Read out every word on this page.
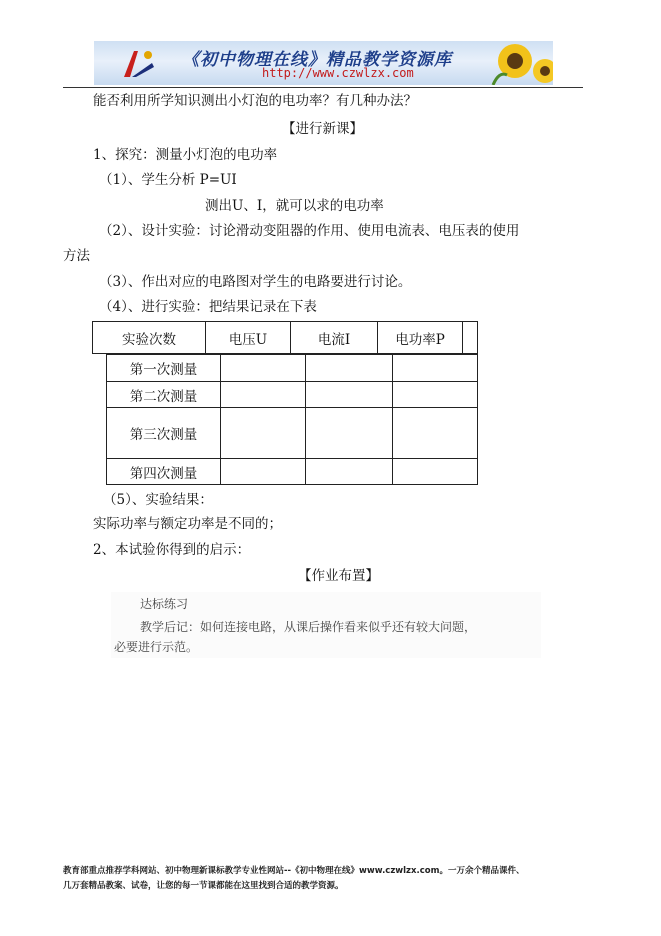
《初中物理在线》精品教学资源库
http://www.czwlzx.com
能否利用所学知识测出小灯泡的电功率？有几种办法？
【进行新课】
1、探究：测量小灯泡的电功率
（1）、学生分析 P=UI
测出U、I，就可以求的电功率
（2）、设计实验：讨论滑动变阻器的作用、使用电流表、电压表的使用
方法
（3）、作出对应的电路图对学生的电路要进行讨论。
（4）、进行实验：把结果记录在下表
实验次数	电压U	电流I	电功率P	
第一次测量			
第二次测量			
第三次测量			
第四次测量			
（5）、实验结果：
实际功率与额定功率是不同的；
2、本试验你得到的启示：
【作业布置】
达标练习
教学后记：如何连接电路，从课后操作看来似乎还有较大问题，
必要进行示范。
教育部重点推荐学科网站、初中物理新课标教学专业性网站--《初中物理在线》www.czwlzx.com。一万余个精品课件、
几万套精品教案、试卷，让您的每一节课都能在这里找到合适的教学资源。
